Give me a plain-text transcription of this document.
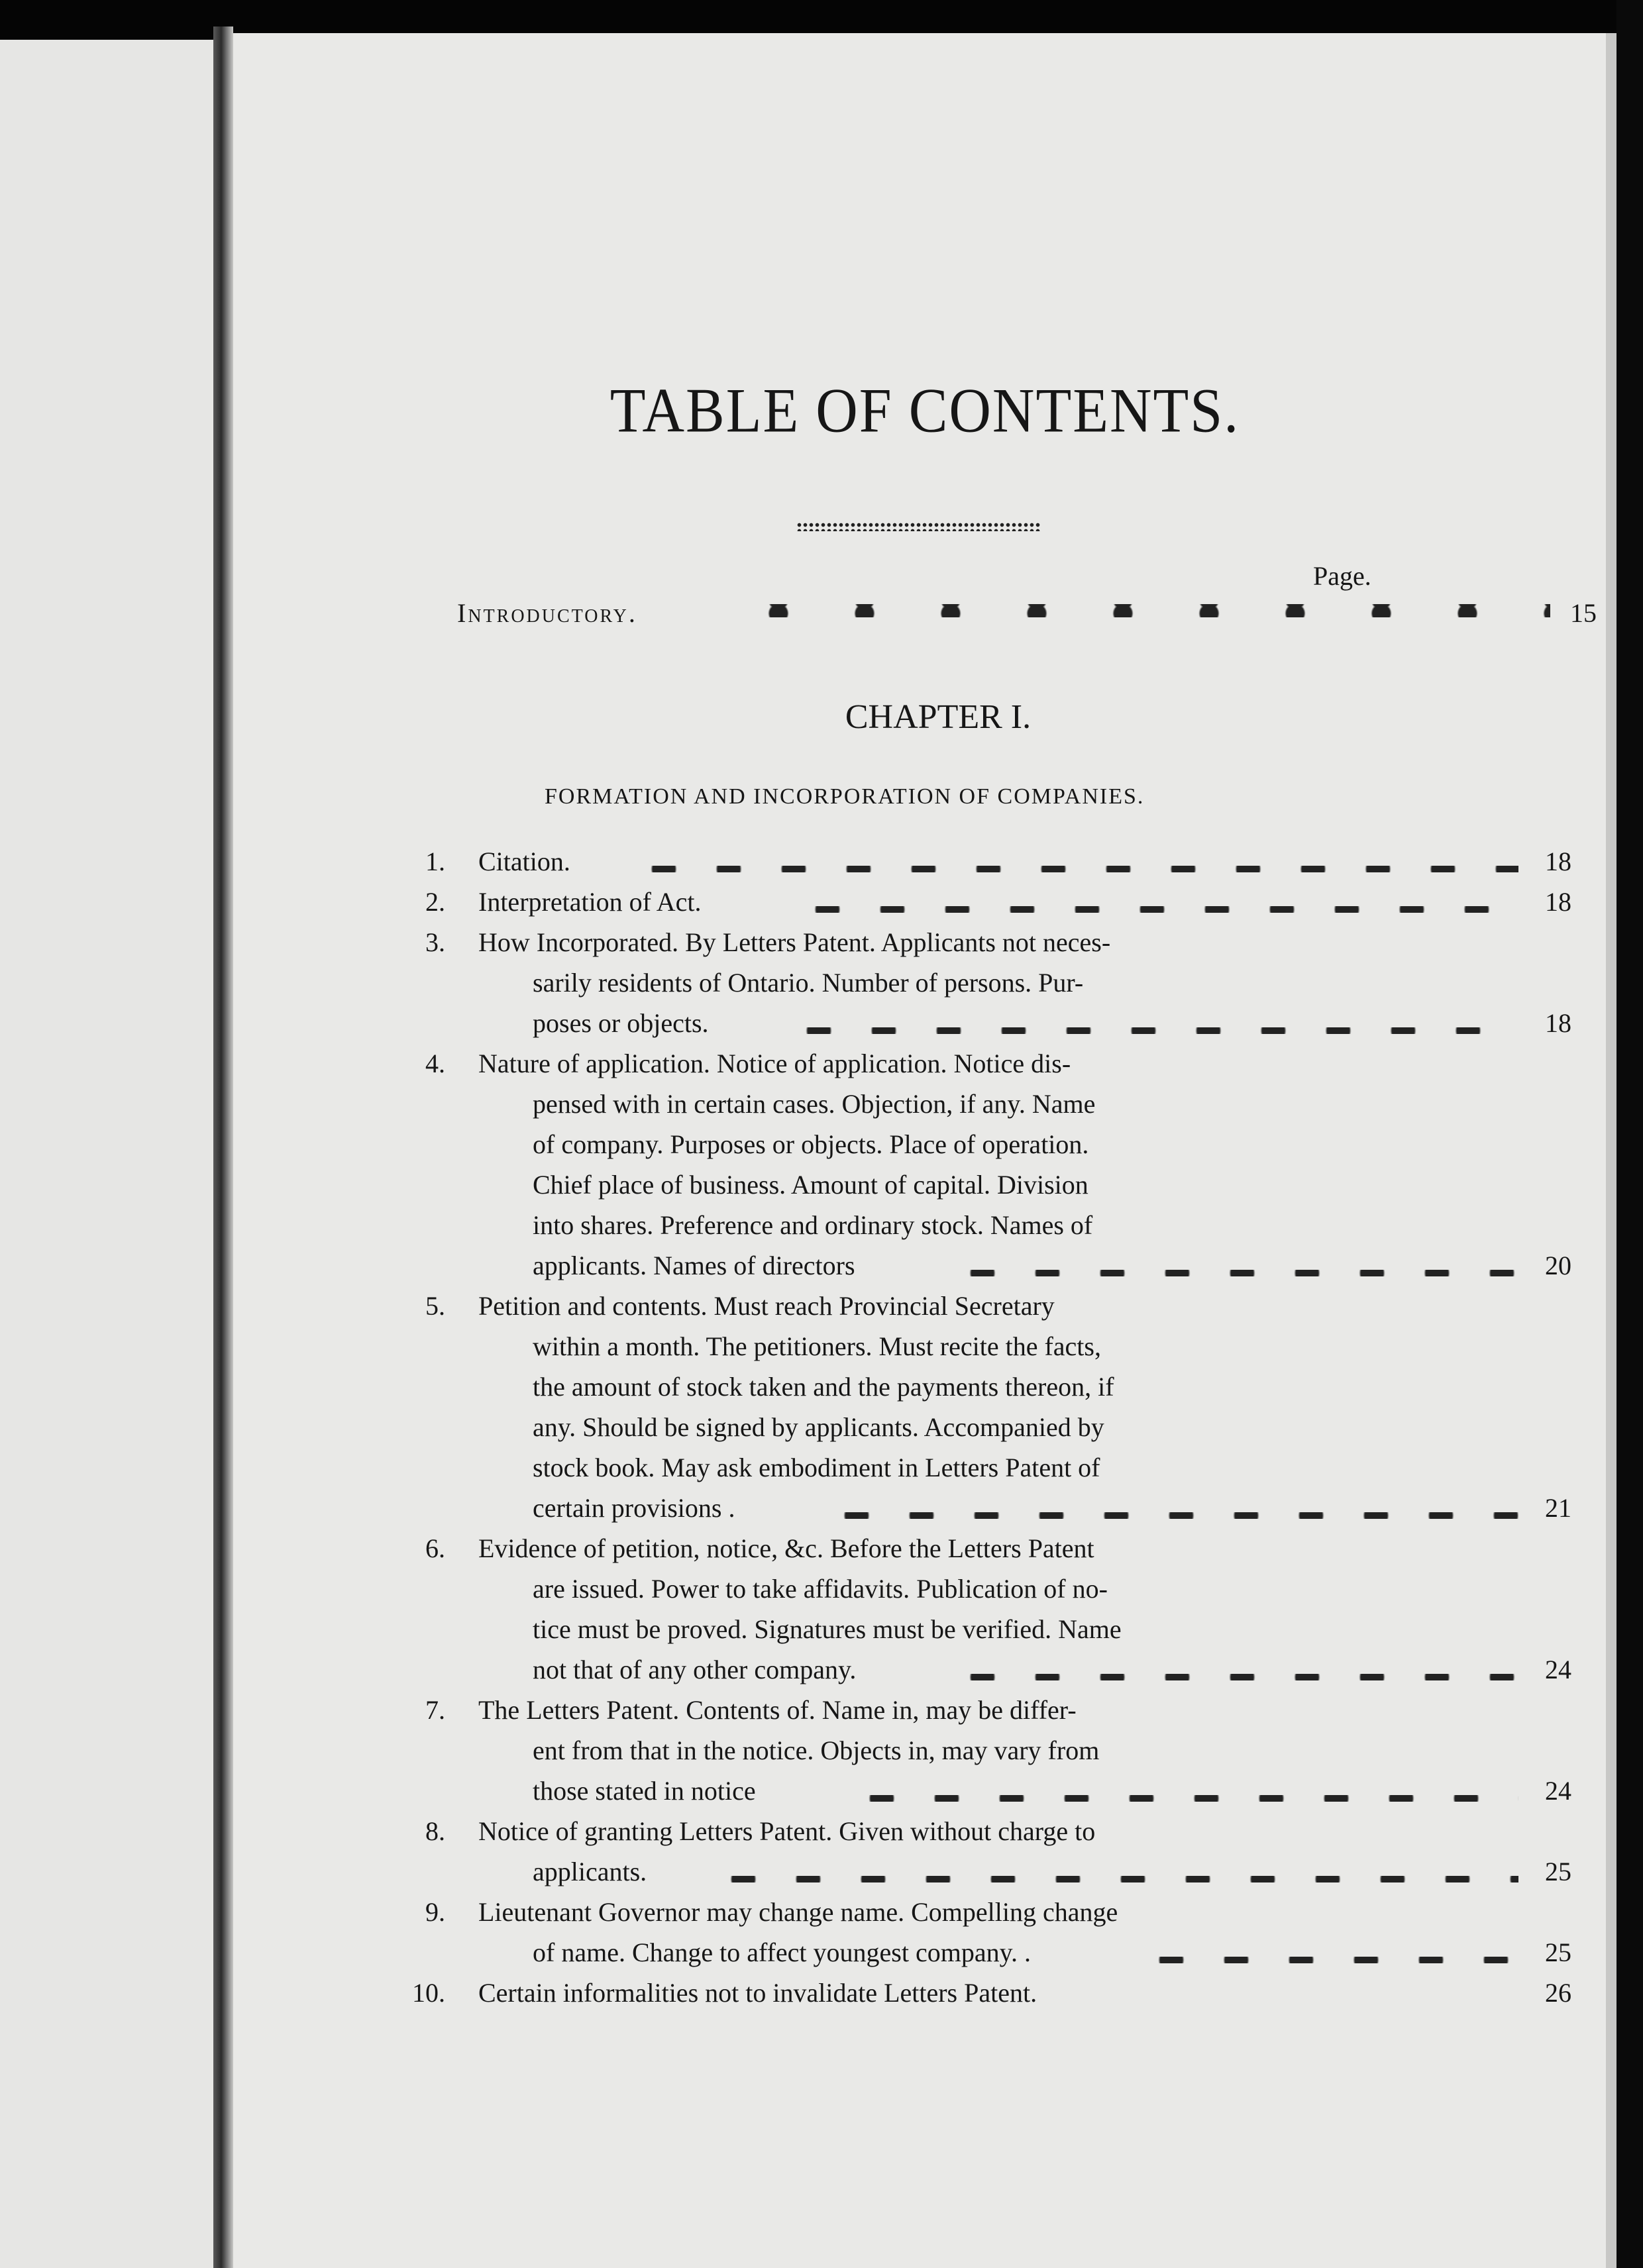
TABLE OF CONTENTS.
Page.
Introductory.	15
CHAPTER I.
FORMATION AND INCORPORATION OF COMPANIES.
1. Citation.	18
2. Interpretation of Act.	18
3. How Incorporated. By Letters Patent. Applicants not neces-
sarily residents of Ontario. Number of persons. Pur-
poses or objects.	18
4. Nature of application. Notice of application. Notice dis-
pensed with in certain cases. Objection, if any. Name
of company. Purposes or objects. Place of operation.
Chief place of business. Amount of capital. Division
into shares. Preference and ordinary stock. Names of
applicants. Names of directors	20
5. Petition and contents. Must reach Provincial Secretary
within a month. The petitioners. Must recite the facts,
the amount of stock taken and the payments thereon, if
any. Should be signed by applicants. Accompanied by
stock book. May ask embodiment in Letters Patent of
certain provisions .	21
6. Evidence of petition, notice, &c. Before the Letters Patent
are issued. Power to take affidavits. Publication of no-
tice must be proved. Signatures must be verified. Name
not that of any other company.	24
7. The Letters Patent. Contents of. Name in, may be differ-
ent from that in the notice. Objects in, may vary from
those stated in notice	24
8. Notice of granting Letters Patent. Given without charge to
applicants.	25
9. Lieutenant Governor may change name. Compelling change
of name. Change to affect youngest company. .	25
10. Certain informalities not to invalidate Letters Patent.	26
